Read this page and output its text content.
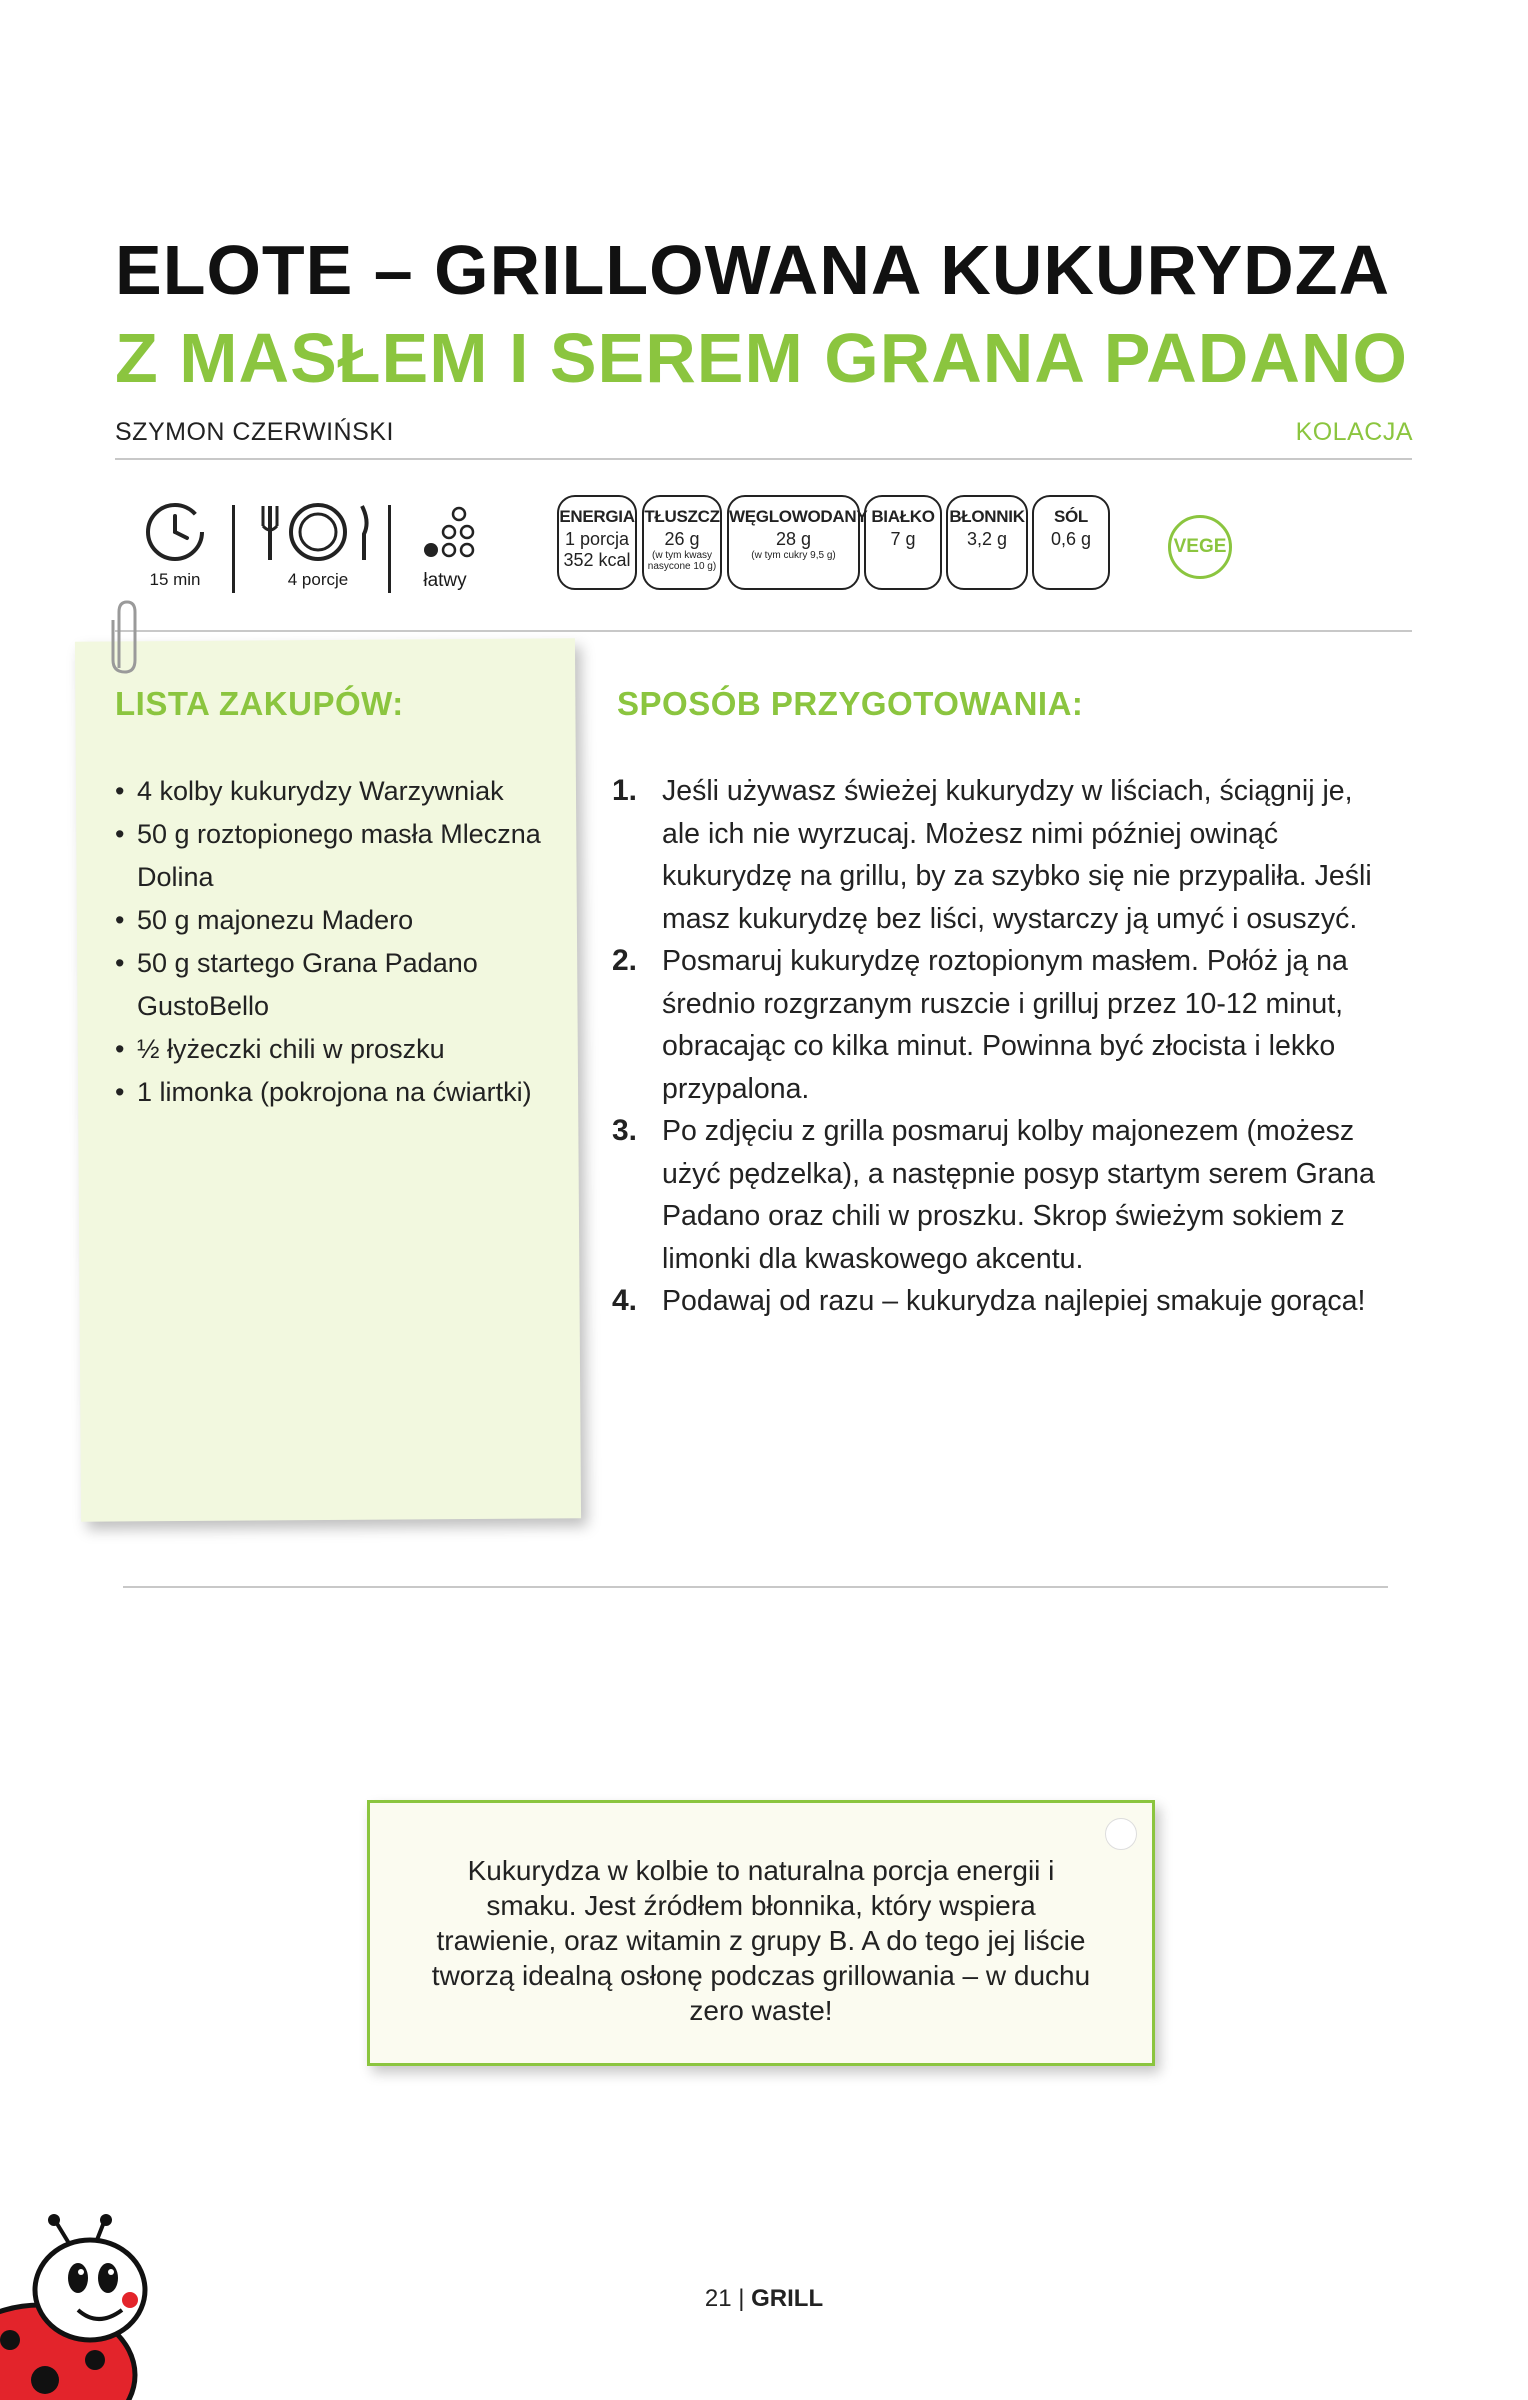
ELOTE – GRILLOWANA KUKURYDZA
Z MASŁEM I SEREM GRANA PADANO
SZYMON CZERWIŃSKI	KOLACJA
15 min	4 porcje	łatwy
ENERGIA
1 porcja
352 kcal
TŁUSZCZ
26 g
(w tym kwasy nasycone 10 g)
WĘGLOWODANY
28 g
(w tym cukry 9,5 g)
BIAŁKO
7 g
BŁONNIK
3,2 g
SÓL
0,6 g	VEGE
LISTA ZAKUPÓW:
• 4 kolby kukurydzy Warzywniak
• 50 g roztopionego masła Mleczna Dolina
• 50 g majonezu Madero
• 50 g startego Grana Padano GustoBello
• ½ łyżeczki chili w proszku
• 1 limonka (pokrojona na ćwiartki)
SPOSÓB PRZYGOTOWANIA:
1. Jeśli używasz świeżej kukurydzy w liściach, ściągnij je, ale ich nie wyrzucaj. Możesz nimi później owinąć kukurydzę na grillu, by za szybko się nie przypaliła. Jeśli masz kukurydzę bez liści, wystarczy ją umyć i osuszyć.
2. Posmaruj kukurydzę roztopionym masłem. Połóż ją na średnio rozgrzanym ruszcie i grilluj przez 10-12 minut, obracając co kilka minut. Powinna być złocista i lekko przypalona.
3. Po zdjęciu z grilla posmaruj kolby majonezem (możesz użyć pędzelka), a następnie posyp startym serem Grana Padano oraz chili w proszku. Skrop świeżym sokiem z limonki dla kwaskowego akcentu.
4. Podawaj od razu – kukurydza najlepiej smakuje gorąca!
Kukurydza w kolbie to naturalna porcja energii i smaku. Jest źródłem błonnika, który wspiera trawienie, oraz witamin z grupy B. A do tego jej liście tworzą idealną osłonę podczas grillowania – w duchu zero waste!
21 | GRILL
